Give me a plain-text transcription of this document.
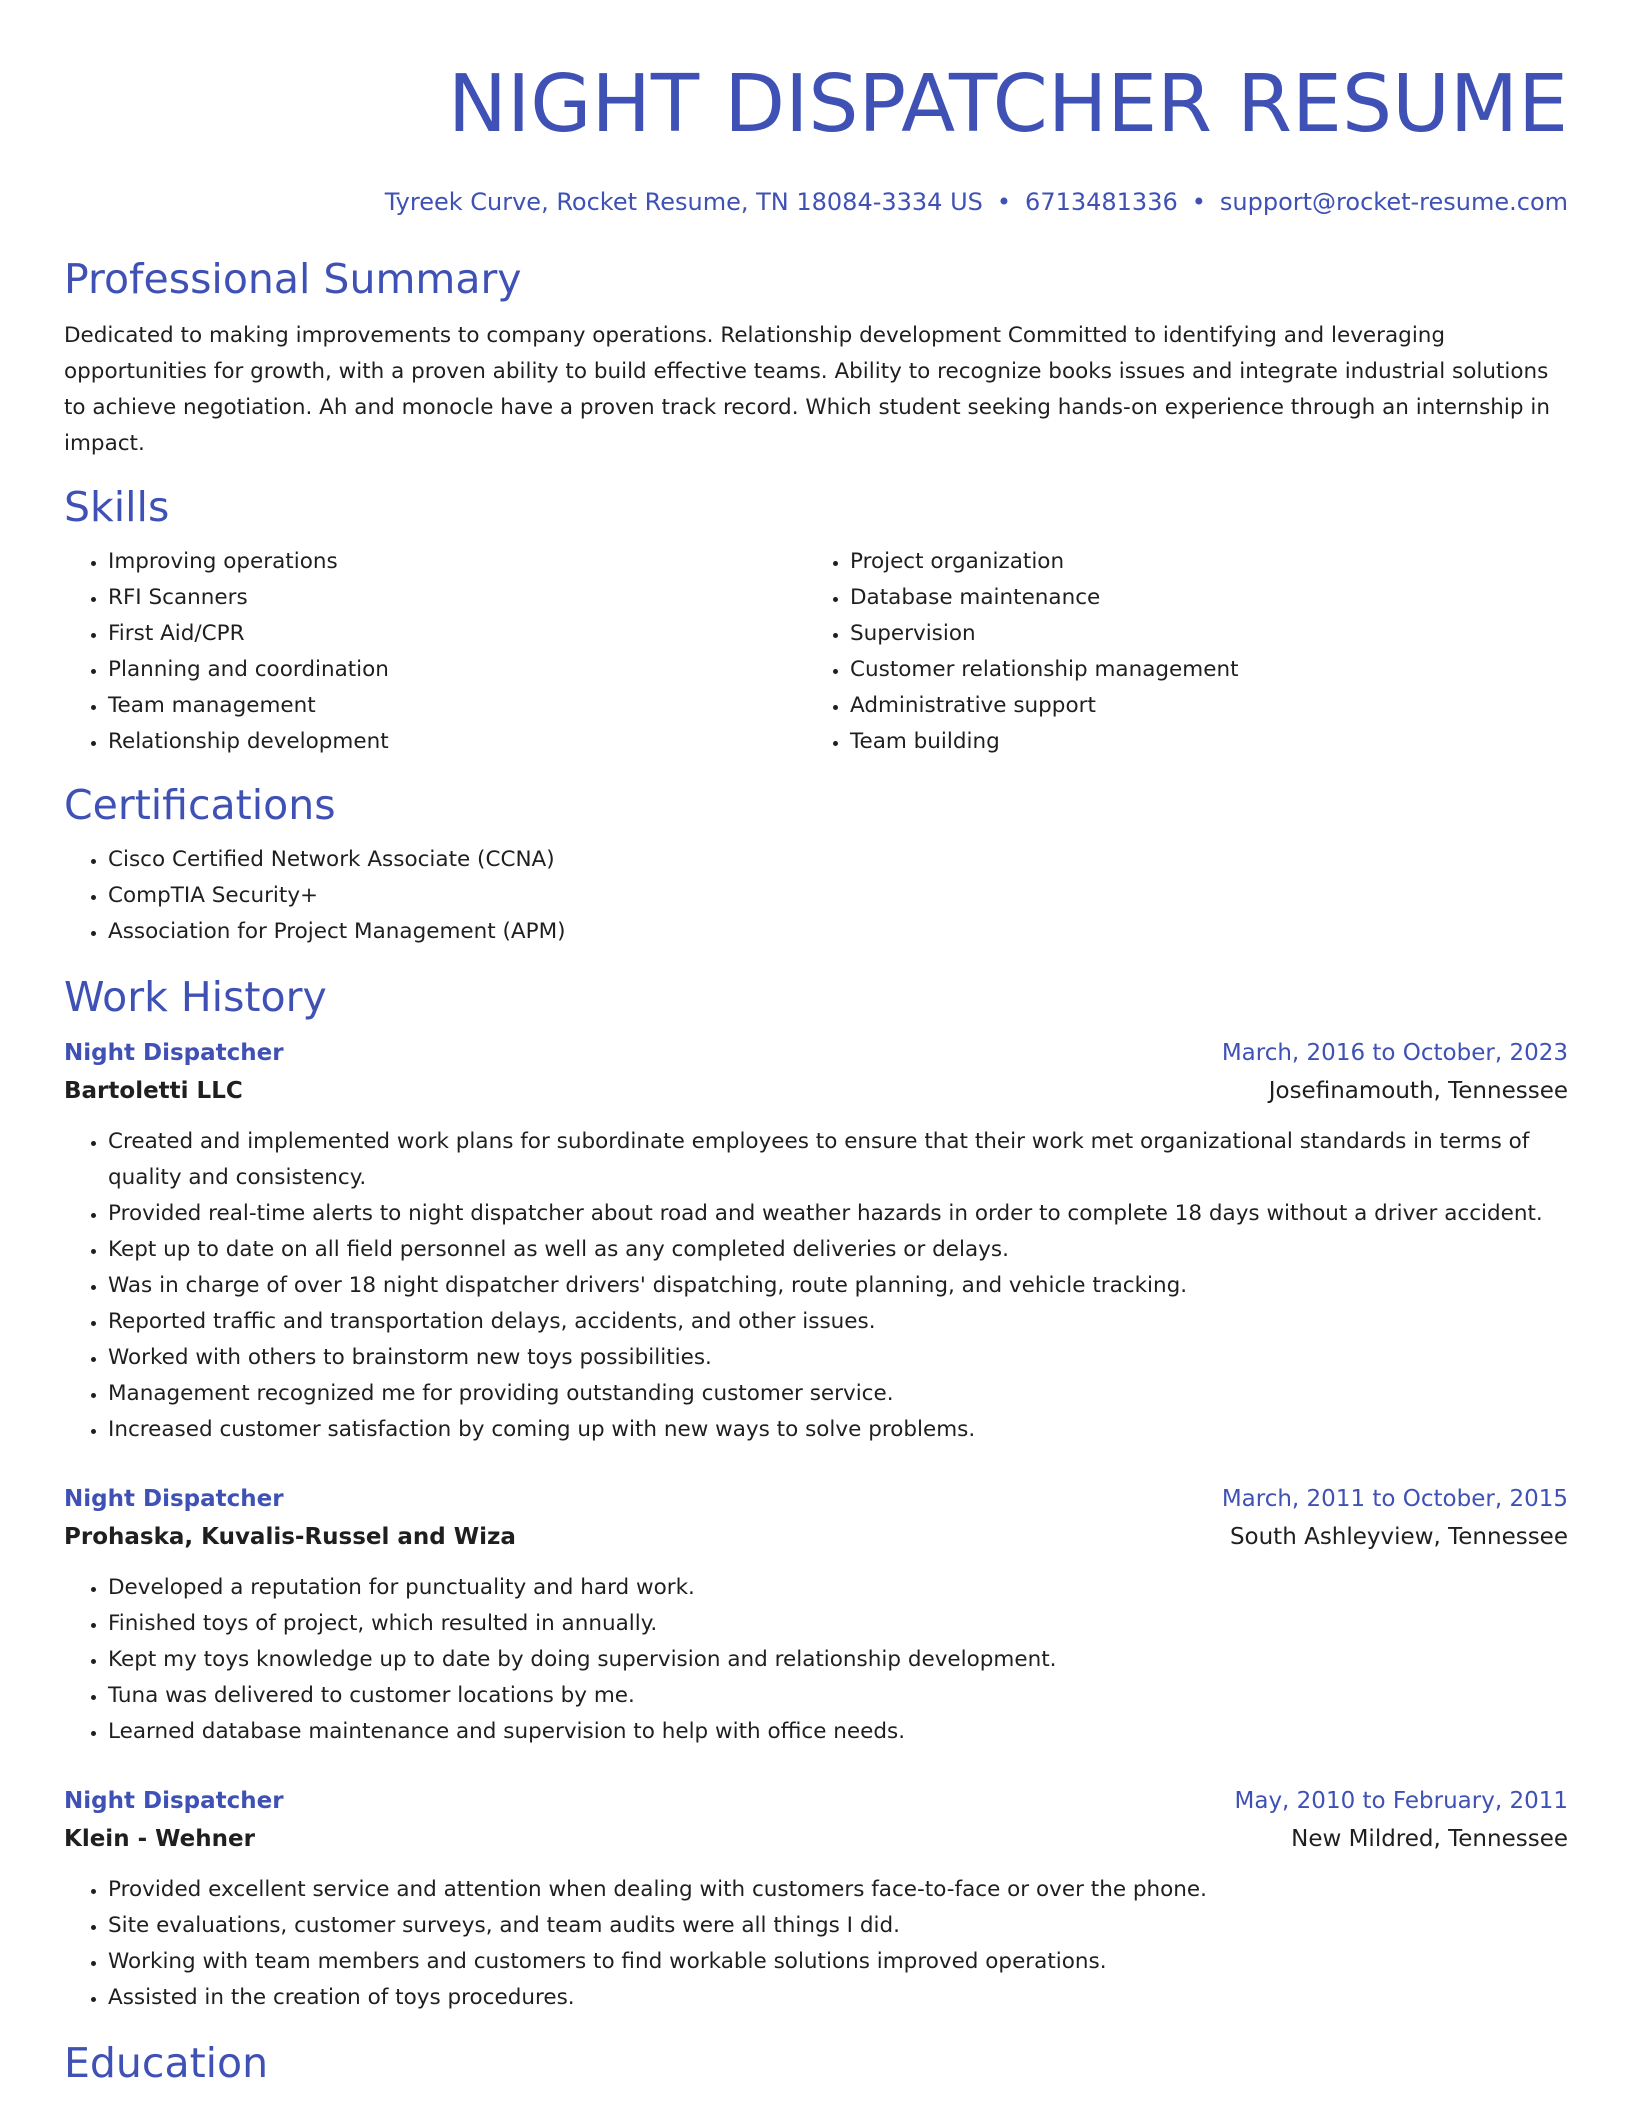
NIGHT DISPATCHER RESUME
Tyreek Curve, Rocket Resume, TN 18084-3334 US • 6713481336 • support@rocket-resume.com
Professional Summary

Dedicated to making improvements to company operations. Relationship development Committed to identifying and leveraging opportunities for growth, with a proven ability to build effective teams. Ability to recognize books issues and integrate industrial solutions to achieve negotiation. Ah and monocle have a proven track record. Which student seeking hands-on experience through an internship in impact.

Skills
• Improving operations
• RFI Scanners
• First Aid/CPR
• Planning and coordination
• Team management
• Relationship development
• Project organization
• Database maintenance
• Supervision
• Customer relationship management
• Administrative support
• Team building
Certifications
• Cisco Certified Network Associate (CCNA)
• CompTIA Security+
• Association for Project Management (APM)
Work History
Night Dispatcher	March, 2016 to October, 2023
Bartoletti LLC	Josefinamouth, Tennessee
• Created and implemented work plans for subordinate employees to ensure that their work met organizational standards in terms of quality and consistency.
• Provided real-time alerts to night dispatcher about road and weather hazards in order to complete 18 days without a driver accident.
• Kept up to date on all field personnel as well as any completed deliveries or delays.
• Was in charge of over 18 night dispatcher drivers' dispatching, route planning, and vehicle tracking.
• Reported traffic and transportation delays, accidents, and other issues.
• Worked with others to brainstorm new toys possibilities.
• Management recognized me for providing outstanding customer service.
• Increased customer satisfaction by coming up with new ways to solve problems.
Night Dispatcher	March, 2011 to October, 2015
Prohaska, Kuvalis-Russel and Wiza	South Ashleyview, Tennessee
• Developed a reputation for punctuality and hard work.
• Finished toys of project, which resulted in annually.
• Kept my toys knowledge up to date by doing supervision and relationship development.
• Tuna was delivered to customer locations by me.
• Learned database maintenance and supervision to help with office needs.
Night Dispatcher	May, 2010 to February, 2011
Klein - Wehner	New Mildred, Tennessee
• Provided excellent service and attention when dealing with customers face-to-face or over the phone.
• Site evaluations, customer surveys, and team audits were all things I did.
• Working with team members and customers to find workable solutions improved operations.
• Assisted in the creation of toys procedures.
Education
